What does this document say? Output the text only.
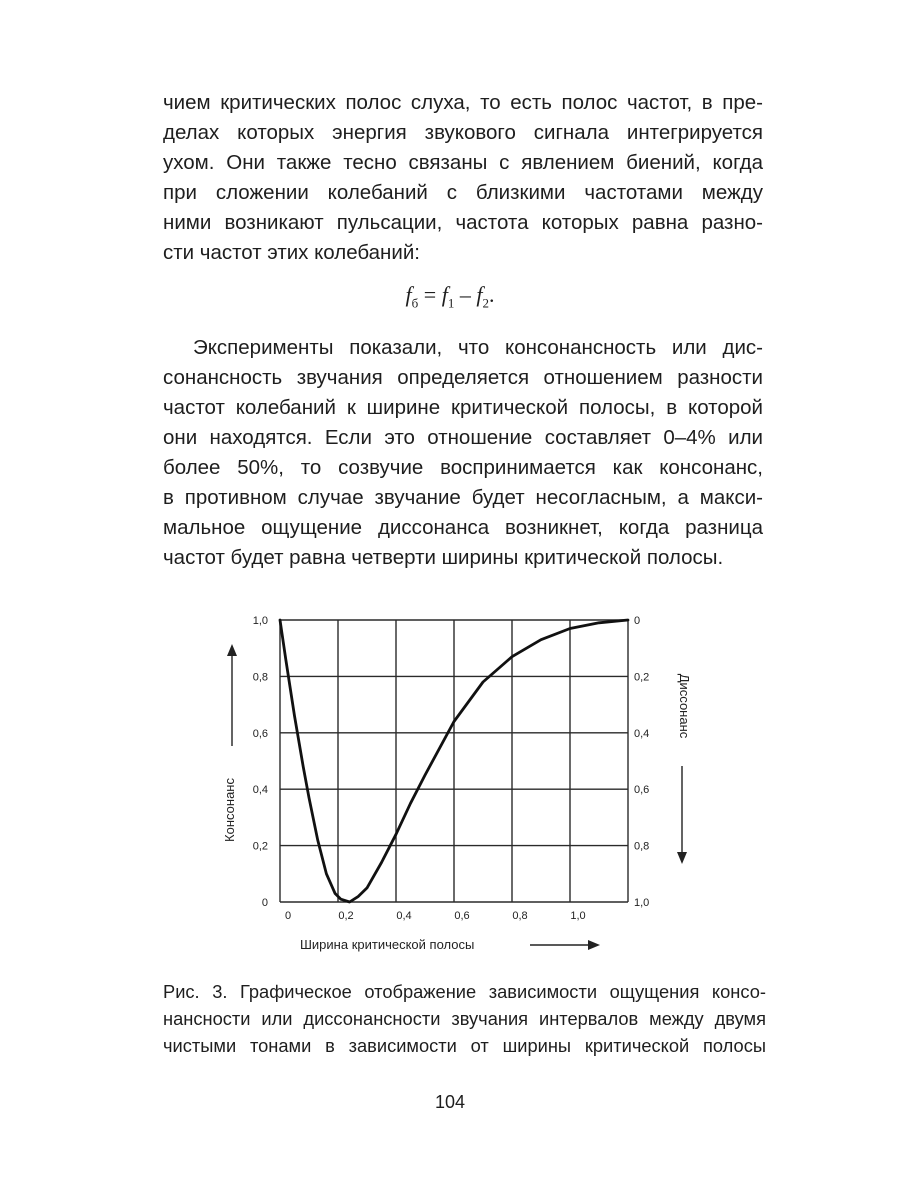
чием критических полос слуха, то есть полос частот, в пре-
делах которых энергия звукового сигнала интегрируется
ухом. Они также тесно связаны с явлением биений, когда
при сложении колебаний с близкими частотами между
ними возникают пульсации, частота которых равна разно-
сти частот этих колебаний:
$f_б = f_1 - f_2$.
Эксперименты показали, что консонансность или дис-
сонансность звучания определяется отношением разности
частот колебаний к ширине критической полосы, в которой
они находятся. Если это отношение составляет 0–4% или
более 50%, то созвучие воспринимается как консонанс,
в противном случае звучание будет несогласным, а макси-
мальное ощущение диссонанса возникнет, когда разница
частот будет равна четверти ширины критической полосы.
0	0,2	0,4	0,6	0,8	1,0
0
0,2
0,4
0,6
0,8
1,0
1,0
0,8
0,6
0,4
0,2
0
Консонанс
Диссонанс
Ширина критической полосы
Рис. 3. Графическое отображение зависимости ощущения консо-
нансности или диссонансности звучания интервалов между двумя
чистыми тонами в зависимости от ширины критической полосы
104
